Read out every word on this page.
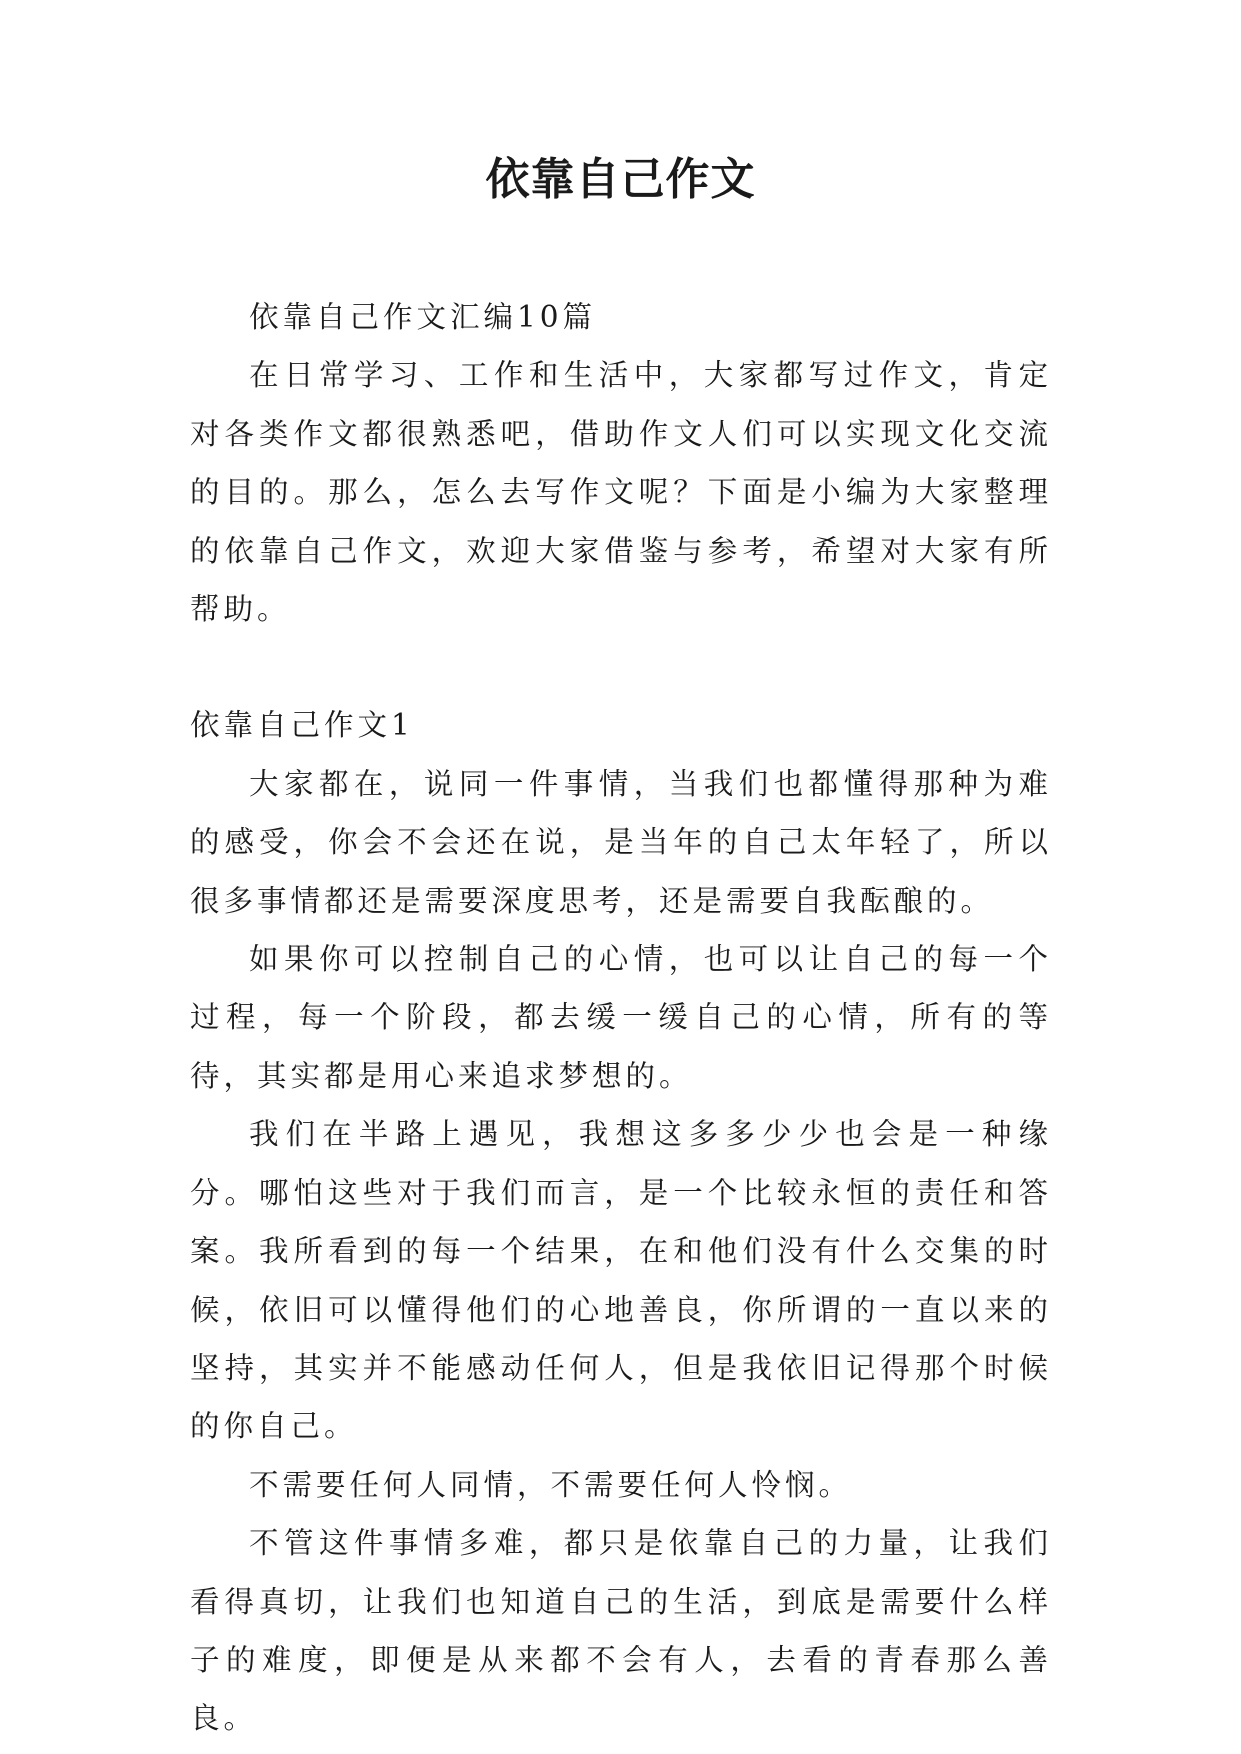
依靠自己作文

依靠自己作文汇编10篇

在日常学习、工作和生活中，大家都写过作文，肯定对各类作文都很熟悉吧，借助作文人们可以实现文化交流的目的。那么，怎么去写作文呢？下面是小编为大家整理的依靠自己作文，欢迎大家借鉴与参考，希望对大家有所帮助。

依靠自己作文1

大家都在，说同一件事情，当我们也都懂得那种为难的感受，你会不会还在说，是当年的自己太年轻了，所以很多事情都还是需要深度思考，还是需要自我酝酿的。

如果你可以控制自己的心情，也可以让自己的每一个过程，每一个阶段，都去缓一缓自己的心情，所有的等待，其实都是用心来追求梦想的。

我们在半路上遇见，我想这多多少少也会是一种缘分。哪怕这些对于我们而言，是一个比较永恒的责任和答案。我所看到的每一个结果，在和他们没有什么交集的时候，依旧可以懂得他们的心地善良，你所谓的一直以来的坚持，其实并不能感动任何人，但是我依旧记得那个时候的你自己。

不需要任何人同情，不需要任何人怜悯。

不管这件事情多难，都只是依靠自己的力量，让我们看得真切，让我们也知道自己的生活，到底是需要什么样子的难度，即便是从来都不会有人，去看的青春那么善良。
